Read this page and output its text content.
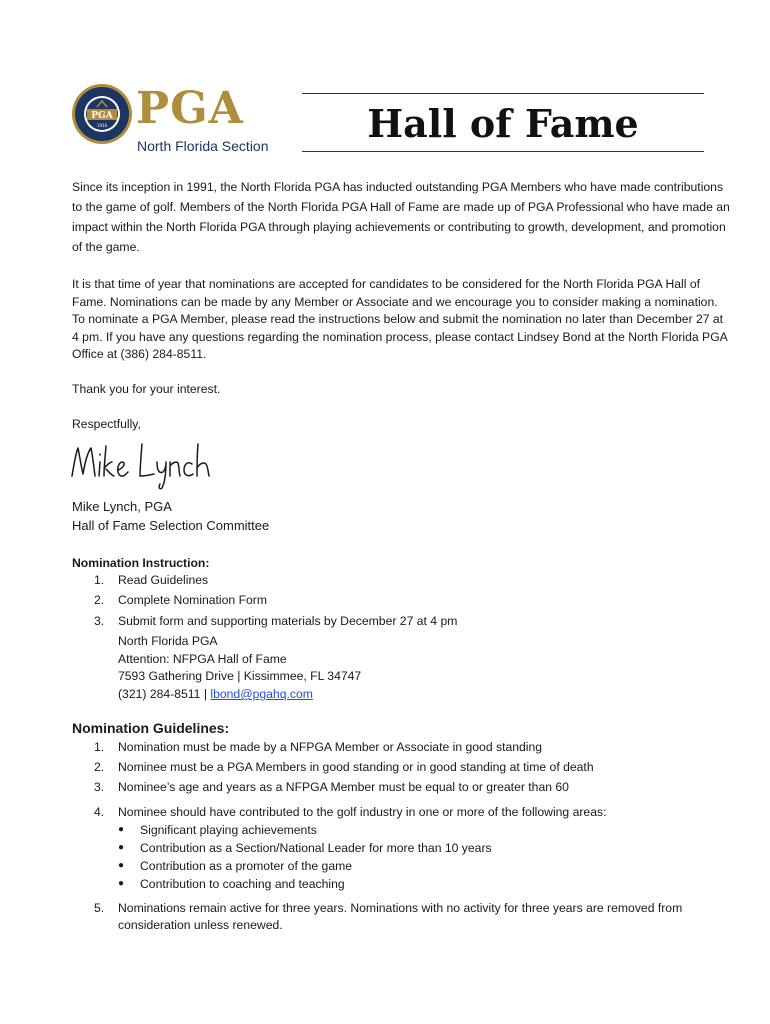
PGA
1916 PGA
North Florida Section	Hall of Fame
Since its inception in 1991, the North Florida PGA has inducted outstanding PGA Members who have made contributions to the game of golf. Members of the North Florida PGA Hall of Fame are made up of PGA Professional who have made an impact within the North Florida PGA through playing achievements or contributing to growth, development, and promotion of the game.
It is that time of year that nominations are accepted for candidates to be considered for the North Florida PGA Hall of Fame. Nominations can be made by any Member or Associate and we encourage you to consider making a nomination. To nominate a PGA Member, please read the instructions below and submit the nomination no later than December 27 at 4 pm. If you have any questions regarding the nomination process, please contact Lindsey Bond at the North Florida PGA Office at (386) 284-8511.
Thank you for your interest.
Respectfully,
Mike Lynch, PGA
Hall of Fame Selection Committee
Nomination Instruction:
1. Read Guidelines
2. Complete Nomination Form
3. Submit form and supporting materials by December 27 at 4 pm
North Florida PGA
Attention: NFPGA Hall of Fame
7593 Gathering Drive | Kissimmee, FL 34747
(321) 284-8511 | lbond@pgahq.com
Nomination Guidelines:
1. Nomination must be made by a NFPGA Member or Associate in good standing
2. Nominee must be a PGA Members in good standing or in good standing at time of death
3. Nominee’s age and years as a NFPGA Member must be equal to or greater than 60
4. Nominee should have contributed to the golf industry in one or more of the following areas:
● Significant playing achievements
● Contribution as a Section/National Leader for more than 10 years
● Contribution as a promoter of the game
● Contribution to coaching and teaching
5. Nominations remain active for three years. Nominations with no activity for three years are removed from consideration unless renewed.
